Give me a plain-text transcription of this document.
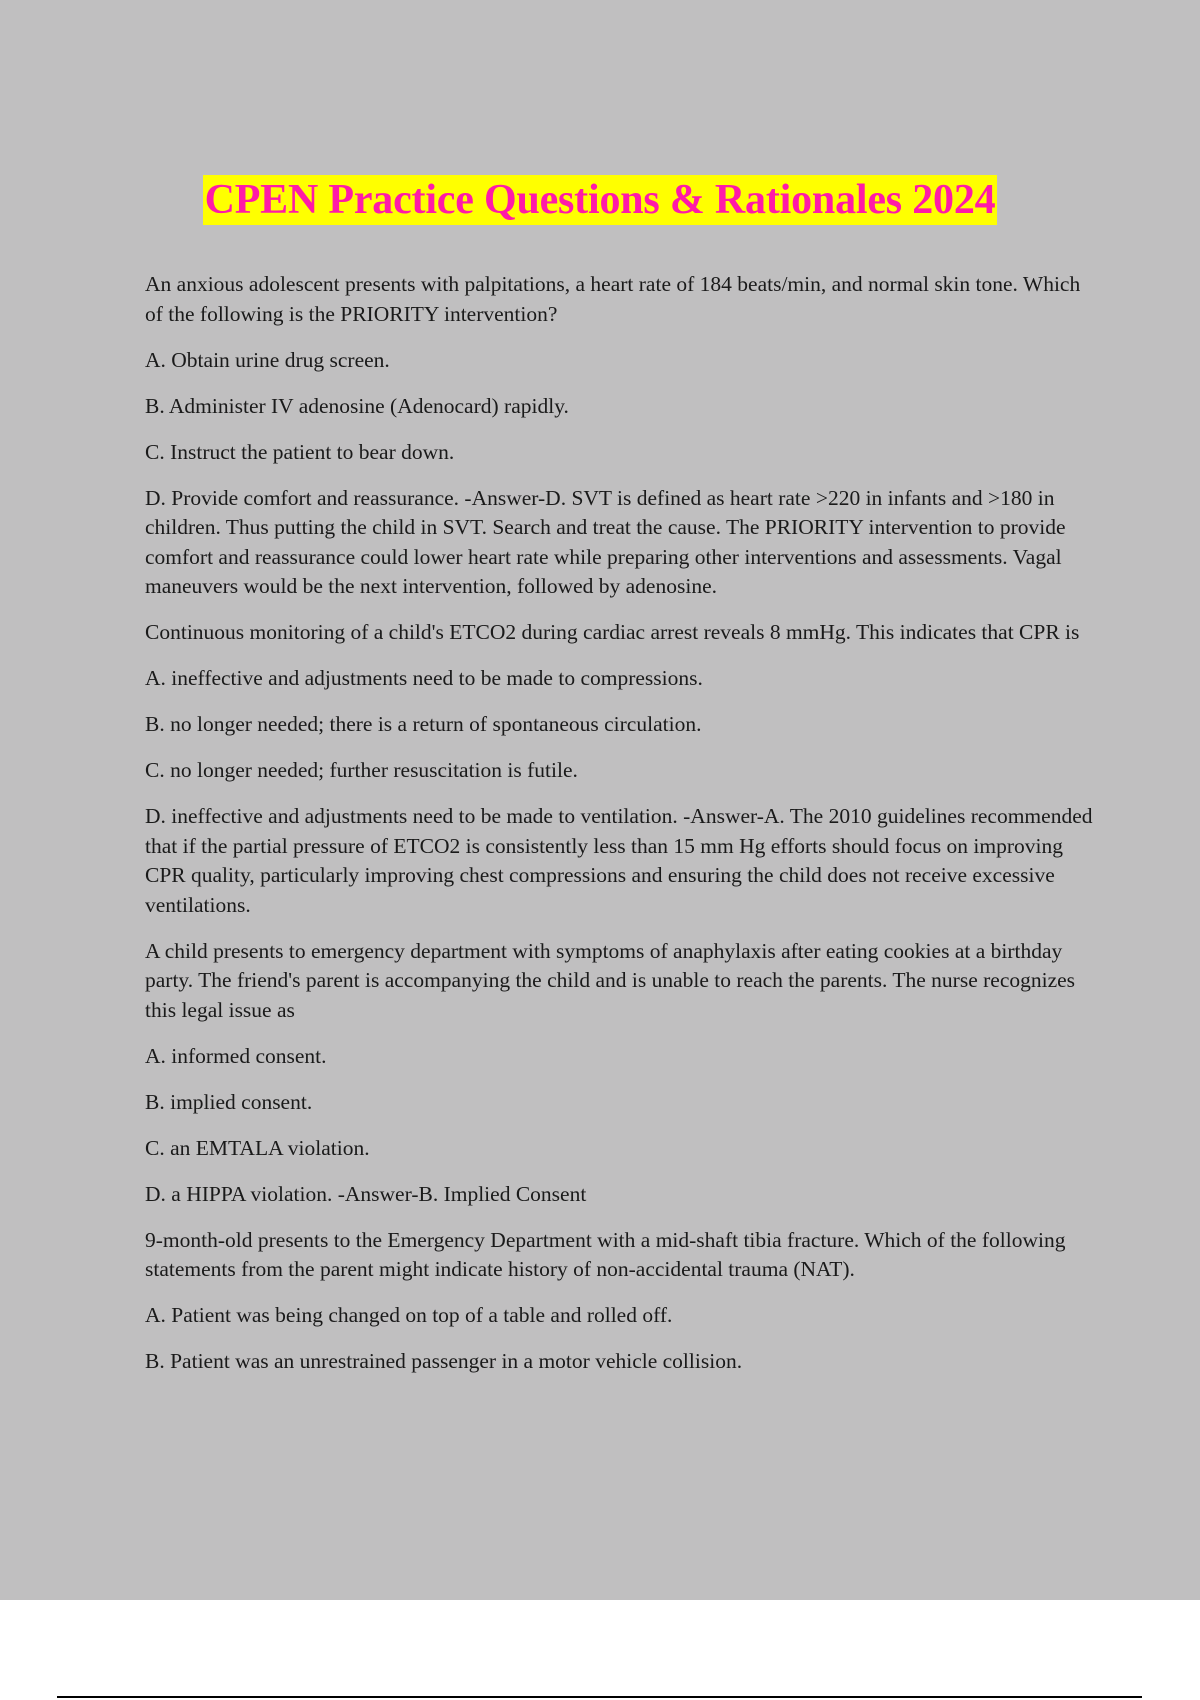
CPEN Practice Questions & Rationales 2024

An anxious adolescent presents with palpitations, a heart rate of 184 beats/min, and normal skin tone. Which of the following is the PRIORITY intervention?

A. Obtain urine drug screen.

B. Administer IV adenosine (Adenocard) rapidly.

C. Instruct the patient to bear down.

D. Provide comfort and reassurance. -Answer-D. SVT is defined as heart rate >220 in infants and >180 in children. Thus putting the child in SVT. Search and treat the cause. The PRIORITY intervention to provide comfort and reassurance could lower heart rate while preparing other interventions and assessments. Vagal maneuvers would be the next intervention, followed by adenosine.

Continuous monitoring of a child's ETCO2 during cardiac arrest reveals 8 mmHg. This indicates that CPR is

A. ineffective and adjustments need to be made to compressions.

B. no longer needed; there is a return of spontaneous circulation.

C. no longer needed; further resuscitation is futile.

D. ineffective and adjustments need to be made to ventilation. -Answer-A. The 2010 guidelines recommended that if the partial pressure of ETCO2 is consistently less than 15 mm Hg efforts should focus on improving CPR quality, particularly improving chest compressions and ensuring the child does not receive excessive ventilations.

A child presents to emergency department with symptoms of anaphylaxis after eating cookies at a birthday party. The friend's parent is accompanying the child and is unable to reach the parents. The nurse recognizes this legal issue as

A. informed consent.

B. implied consent.

C. an EMTALA violation.

D. a HIPPA violation. -Answer-B. Implied Consent

9-month-old presents to the Emergency Department with a mid-shaft tibia fracture. Which of the following statements from the parent might indicate history of non-accidental trauma (NAT).

A. Patient was being changed on top of a table and rolled off.

B. Patient was an unrestrained passenger in a motor vehicle collision.
